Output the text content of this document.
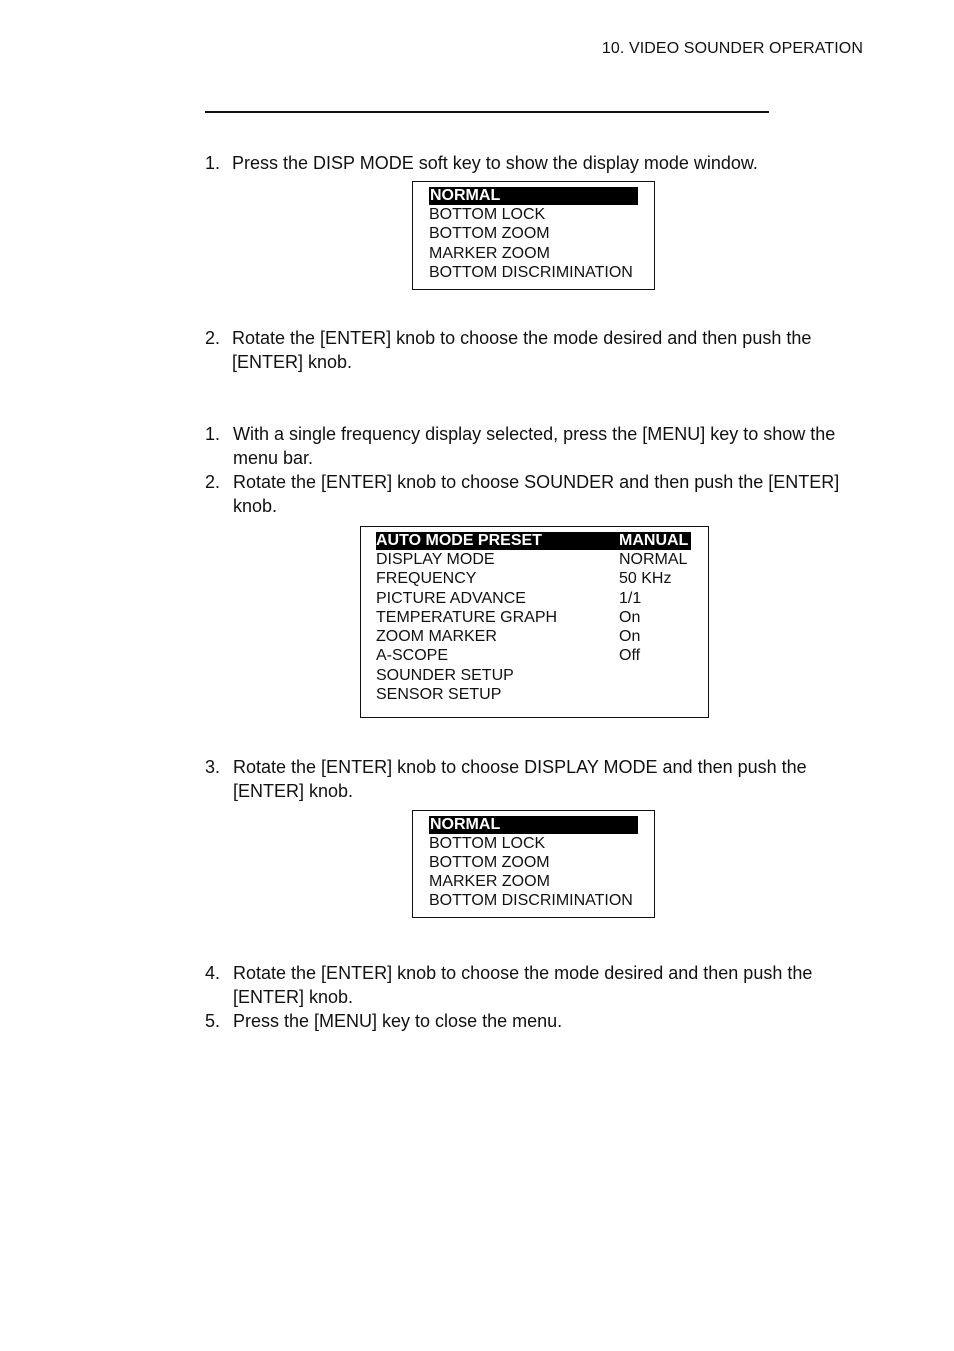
10. VIDEO SOUNDER OPERATION
1. Press the DISP MODE soft key to show the display mode window.
NORMAL
BOTTOM LOCK
BOTTOM ZOOM
MARKER ZOOM
BOTTOM DISCRIMINATION
2. Rotate the [ENTER] knob to choose the mode desired and then push the
[ENTER] knob.
1. With a single frequency display selected, press the [MENU] key to show the
menu bar.
2. Rotate the [ENTER] knob to choose SOUNDER and then push the [ENTER]
knob.
AUTO MODE PRESET	MANUAL
DISPLAY MODE	NORMAL
FREQUENCY	50 KHz
PICTURE ADVANCE	1/1
TEMPERATURE GRAPH	On
ZOOM MARKER	On
A-SCOPE	Off
SOUNDER SETUP
SENSOR SETUP
3. Rotate the [ENTER] knob to choose DISPLAY MODE and then push the
[ENTER] knob.
NORMAL
BOTTOM LOCK
BOTTOM ZOOM
MARKER ZOOM
BOTTOM DISCRIMINATION
4. Rotate the [ENTER] knob to choose the mode desired and then push the
[ENTER] knob.
5. Press the [MENU] key to close the menu.
